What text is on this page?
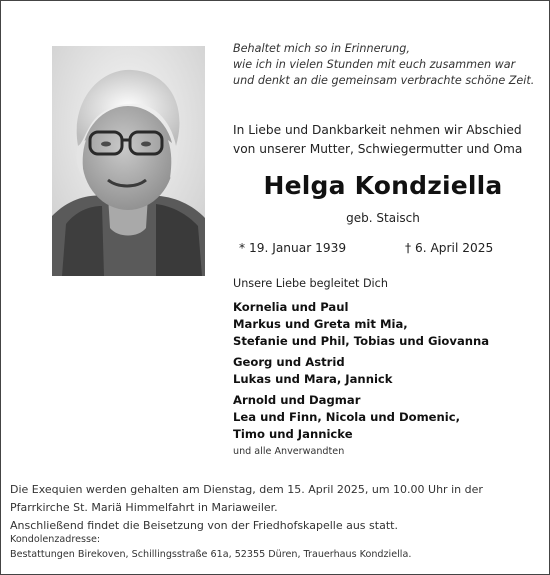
Behaltet mich so in Erinnerung,
wie ich in vielen Stunden mit euch zusammen war
und denkt an die gemeinsam verbrachte schöne Zeit.
In Liebe und Dankbarkeit nehmen wir Abschied
von unserer Mutter, Schwiegermutter und Oma
Helga Kondziella
geb. Staisch
* 19. Januar 1939	† 6. April 2025
Unsere Liebe begleitet Dich
Kornelia und Paul
Markus und Greta mit Mia,
Stefanie und Phil, Tobias und Giovanna
Georg und Astrid
Lukas und Mara, Jannick
Arnold und Dagmar
Lea und Finn, Nicola und Domenic,
Timo und Jannicke
und alle Anverwandten
Die Exequien werden gehalten am Dienstag, dem 15. April 2025, um 10.00 Uhr in der
Pfarrkirche St. Mariä Himmelfahrt in Mariaweiler.
Anschließend findet die Beisetzung von der Friedhofskapelle aus statt.
Kondolenzadresse:
Bestattungen Birekoven, Schillingsstraße 61a, 52355 Düren, Trauerhaus Kondziella.
